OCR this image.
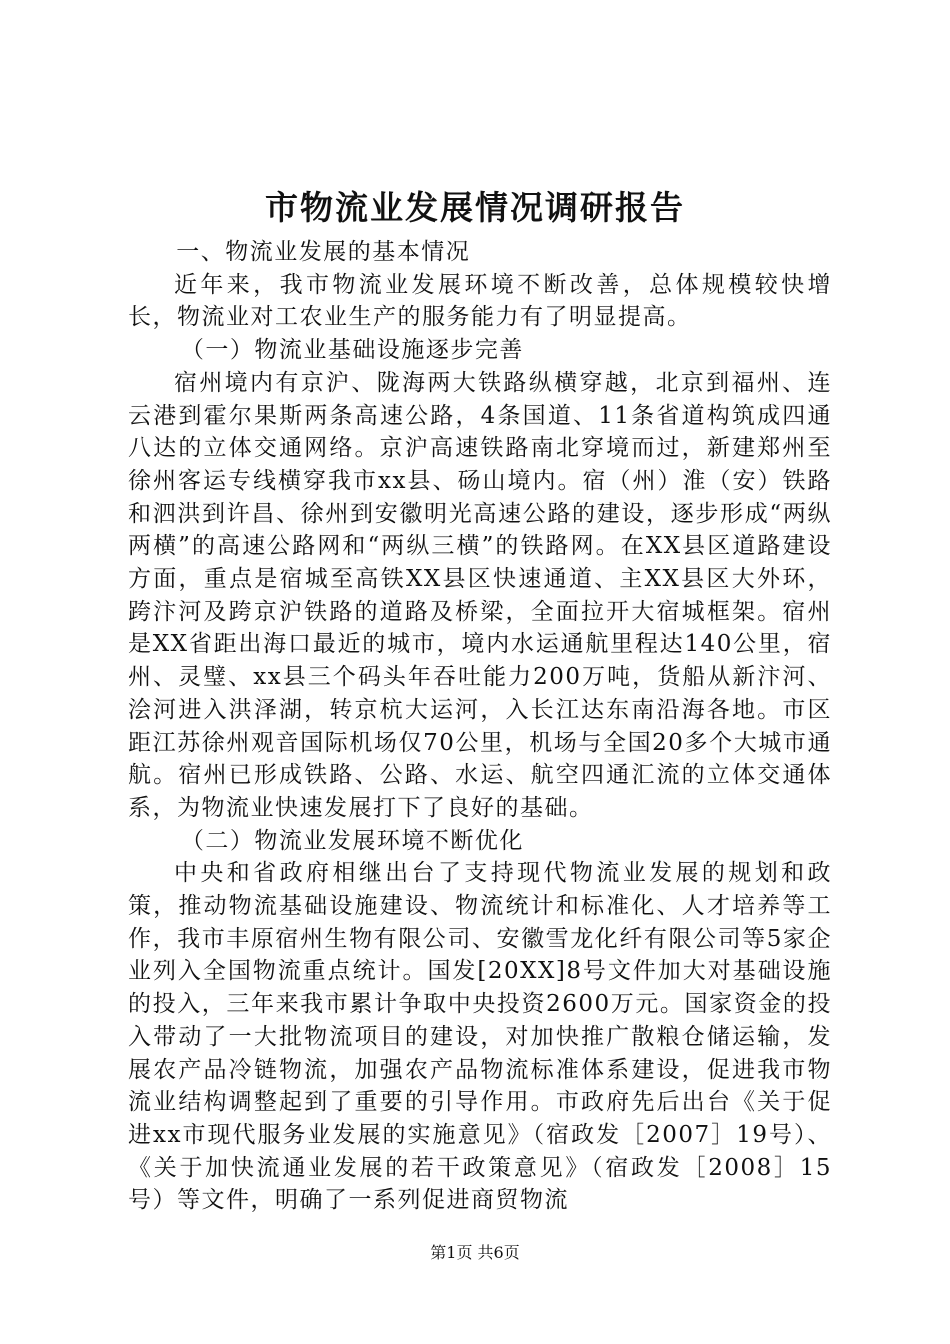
市物流业发展情况调研报告

一、物流业发展的基本情况

近年来，我市物流业发展环境不断改善，总体规模较快增长，物流业对工农业生产的服务能力有了明显提高。

（一）物流业基础设施逐步完善

宿州境内有京沪、陇海两大铁路纵横穿越，北京到福州、连云港到霍尔果斯两条高速公路，4条国道、11条省道构筑成四通八达的立体交通网络。京沪高速铁路南北穿境而过，新建郑州至徐州客运专线横穿我市xx县、砀山境内。宿（州）淮（安）铁路和泗洪到许昌、徐州到安徽明光高速公路的建设，逐步形成“两纵两横”的高速公路网和“两纵三横”的铁路网。在XX县区道路建设方面，重点是宿城至高铁XX县区快速通道、主XX县区大外环，跨汴河及跨京沪铁路的道路及桥梁，全面拉开大宿城框架。宿州是XX省距出海口最近的城市，境内水运通航里程达140公里，宿州、灵璧、xx县三个码头年吞吐能力200万吨，货船从新汴河、浍河进入洪泽湖，转京杭大运河，入长江达东南沿海各地。市区距江苏徐州观音国际机场仅70公里，机场与全国20多个大城市通航。宿州已形成铁路、公路、水运、航空四通汇流的立体交通体系，为物流业快速发展打下了良好的基础。

（二）物流业发展环境不断优化

中央和省政府相继出台了支持现代物流业发展的规划和政策，推动物流基础设施建设、物流统计和标准化、人才培养等工作，我市丰原宿州生物有限公司、安徽雪龙化纤有限公司等5家企业列入全国物流重点统计。国发[20XX]8号文件加大对基础设施的投入，三年来我市累计争取中央投资2600万元。国家资金的投入带动了一大批物流项目的建设，对加快推广散粮仓储运输，发展农产品冷链物流，加强农产品物流标准体系建设，促进我市物流业结构调整起到了重要的引导作用。市政府先后出台《关于促进xx市现代服务业发展的实施意见》（宿政发［2007］19号）、《关于加快流通业发展的若干政策意见》（宿政发［2008］15号）等文件，明确了一系列促进商贸物流

第1页 共6页
